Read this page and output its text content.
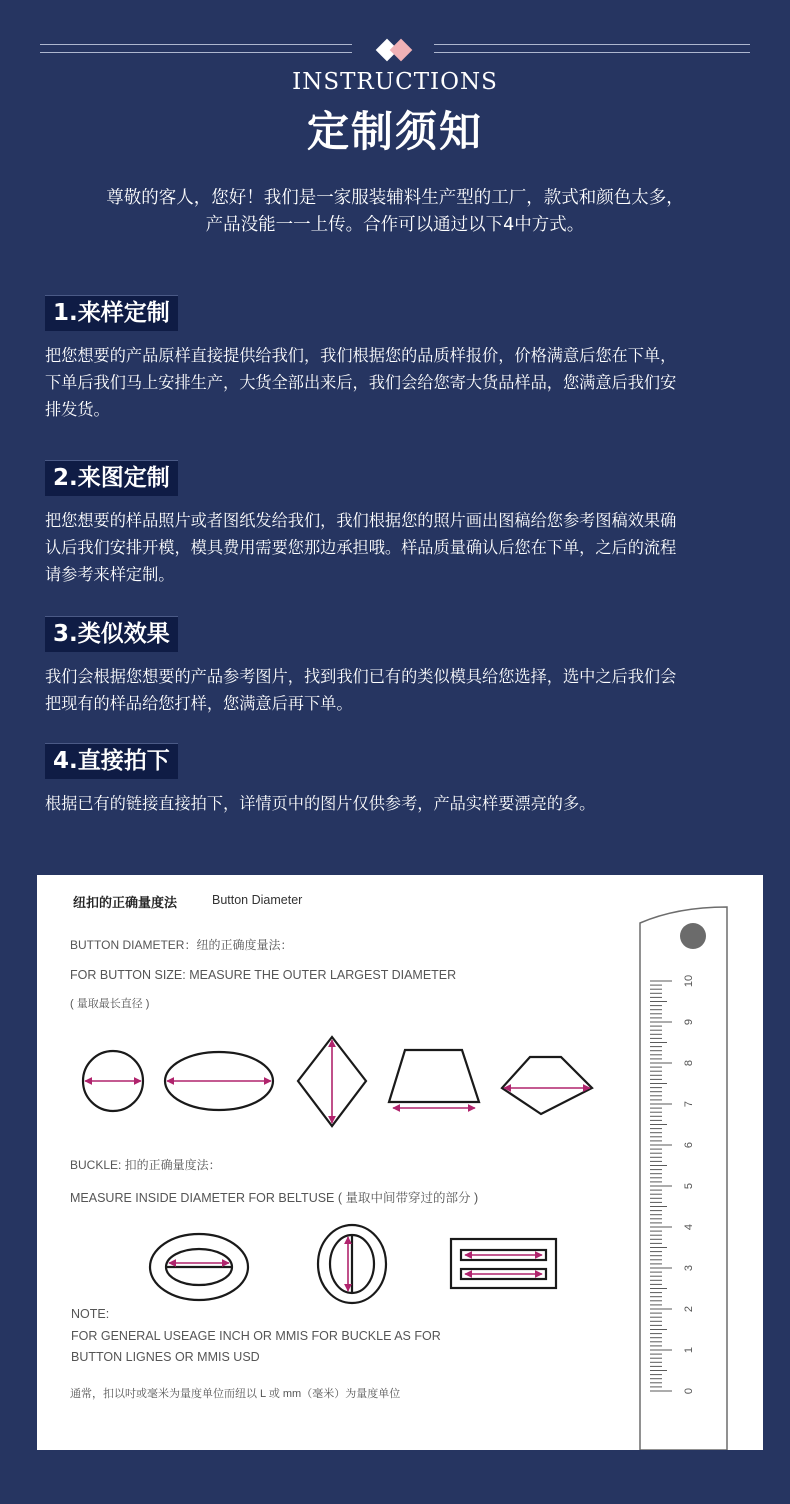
INSTRUCTIONS
定制须知
尊敬的客人，您好！我们是一家服装辅料生产型的工厂，款式和颜色太多，
产品没能一一上传。合作可以通过以下4中方式。
1.来样定制
把您想要的产品原样直接提供给我们，我们根据您的品质样报价，价格满意后您在下单，
下单后我们马上安排生产，大货全部出来后，我们会给您寄大货品样品，您满意后我们安
排发货。
2.来图定制
把您想要的样品照片或者图纸发给我们，我们根据您的照片画出图稿给您参考图稿效果确
认后我们安排开模，模具费用需要您那边承担哦。样品质量确认后您在下单，之后的流程
请参考来样定制。
3.类似效果
我们会根据您想要的产品参考图片，找到我们已有的类似模具给您选择，选中之后我们会
把现有的样品给您打样，您满意后再下单。
4.直接拍下
根据已有的链接直接拍下，详情页中的图片仅供参考，产品实样要漂亮的多。
0
1
2
3
4
5
6
7
8
9
10
纽扣的正确量度法	Button Diameter
BUTTON DIAMETER：纽的正确度量法：
FOR BUTTON SIZE: MEASURE THE OUTER LARGEST DIAMETER
( 量取最长直径 )
BUCKLE: 扣的正确量度法：
MEASURE INSIDE DIAMETER FOR BELTUSE ( 量取中间带穿过的部分 )
NOTE:
FOR GENERAL USEAGE INCH OR MMIS FOR BUCKLE AS FOR
BUTTON LIGNES OR MMIS USD
通常，扣以吋或毫米为量度单位而纽以 L 或 mm（毫米）为量度单位
